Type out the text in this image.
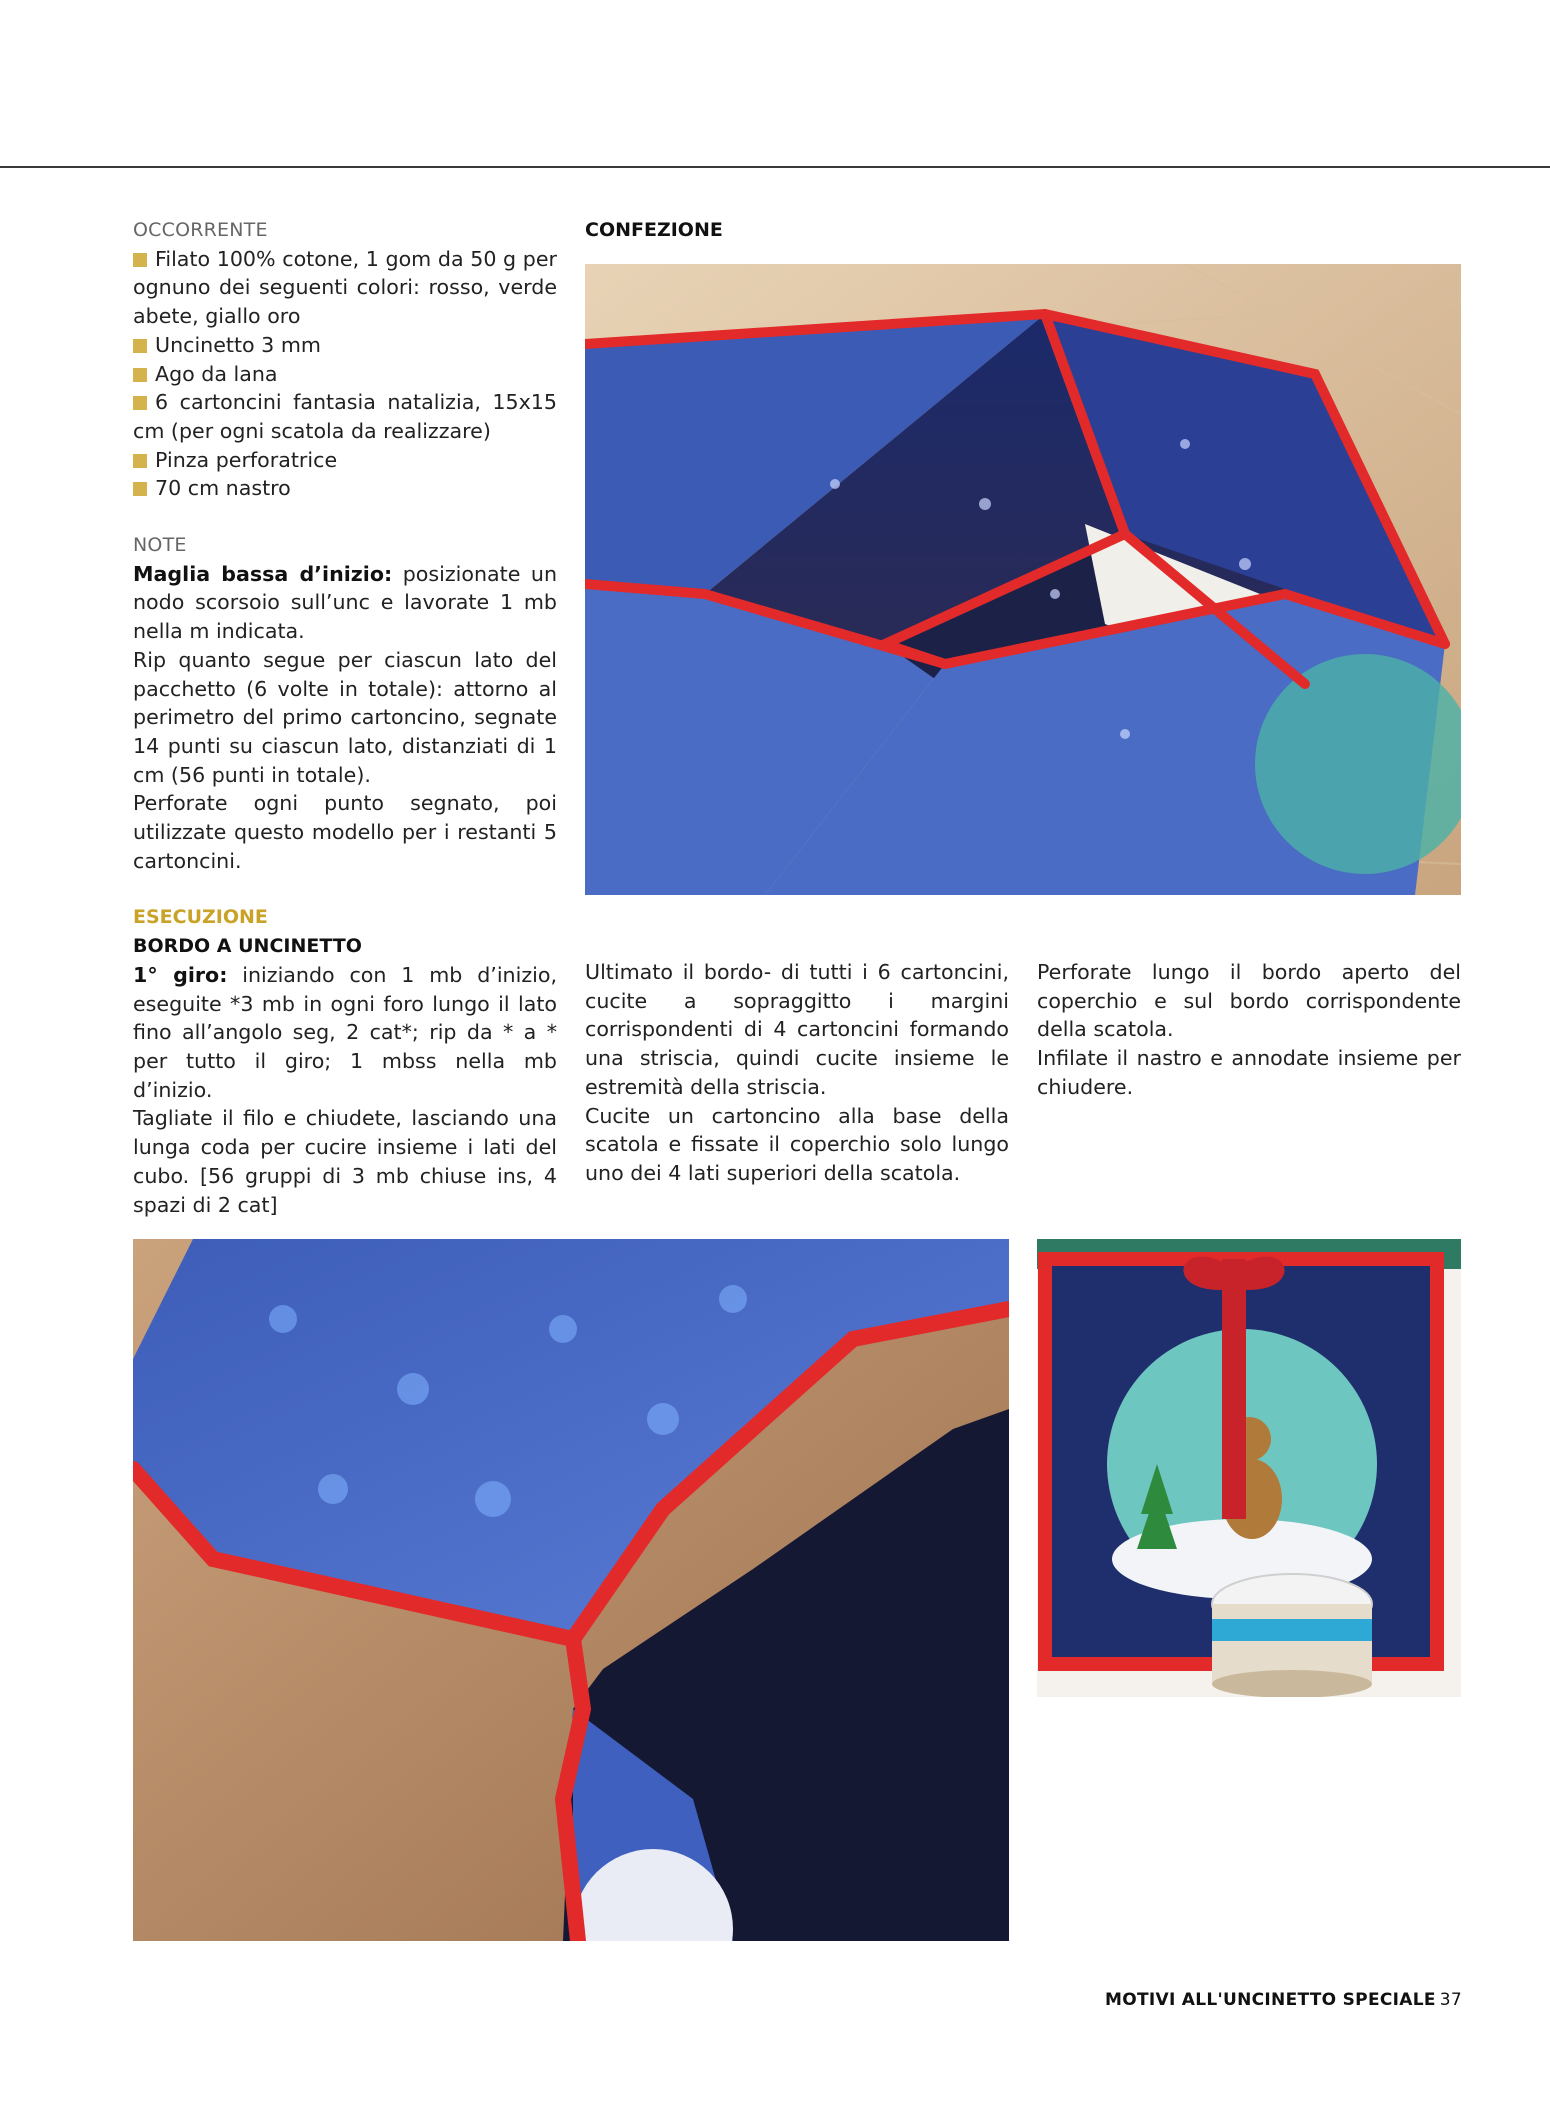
OCCORRENTE

Filato 100% cotone, 1 gom da 50 g per ognuno dei seguenti colori: rosso, verde abete, giallo oro

Uncinetto 3 mm

Ago da lana

6 cartoncini fantasia natalizia, 15x15 cm (per ogni scatola da realizzare)

Pinza perforatrice

70 cm nastro

NOTE

Maglia bassa d’inizio: posizionate un nodo scorsoio sull’unc e lavorate 1 mb nella m indicata.

Rip quanto segue per ciascun lato del pacchetto (6 volte in totale): attorno al perimetro del primo cartoncino, segnate 14 punti su ciascun lato, distanziati di 1 cm (56 punti in totale).

Perforate ogni punto segnato, poi utilizzate questo modello per i restanti 5 cartoncini.

ESECUZIONE

BORDO A UNCINETTO

1° giro: iniziando con 1 mb d’inizio, eseguite *3 mb in ogni foro lungo il lato fino all’angolo seg, 2 cat*; rip da * a * per tutto il giro; 1 mbss nella mb d’inizio.

Tagliate il filo e chiudete, lasciando una lunga coda per cucire insieme i lati del cubo. [56 gruppi di 3 mb chiuse ins, 4 spazi di 2 cat]

CONFEZIONE

Ultimato il bordo- di tutti i 6 cartoncini, cucite a sopraggitto i margini corrispondenti di 4 cartoncini formando una striscia, quindi cucite insieme le estremità della striscia.

Cucite un cartoncino alla base della scatola e fissate il coperchio solo lungo uno dei 4 lati superiori della scatola.

Perforate lungo il bordo aperto del coperchio e sul bordo corrispondente della scatola.

Infilate il nastro e annodate insieme per chiudere.

MOTIVI ALL'UNCINETTO SPECIALE 37
